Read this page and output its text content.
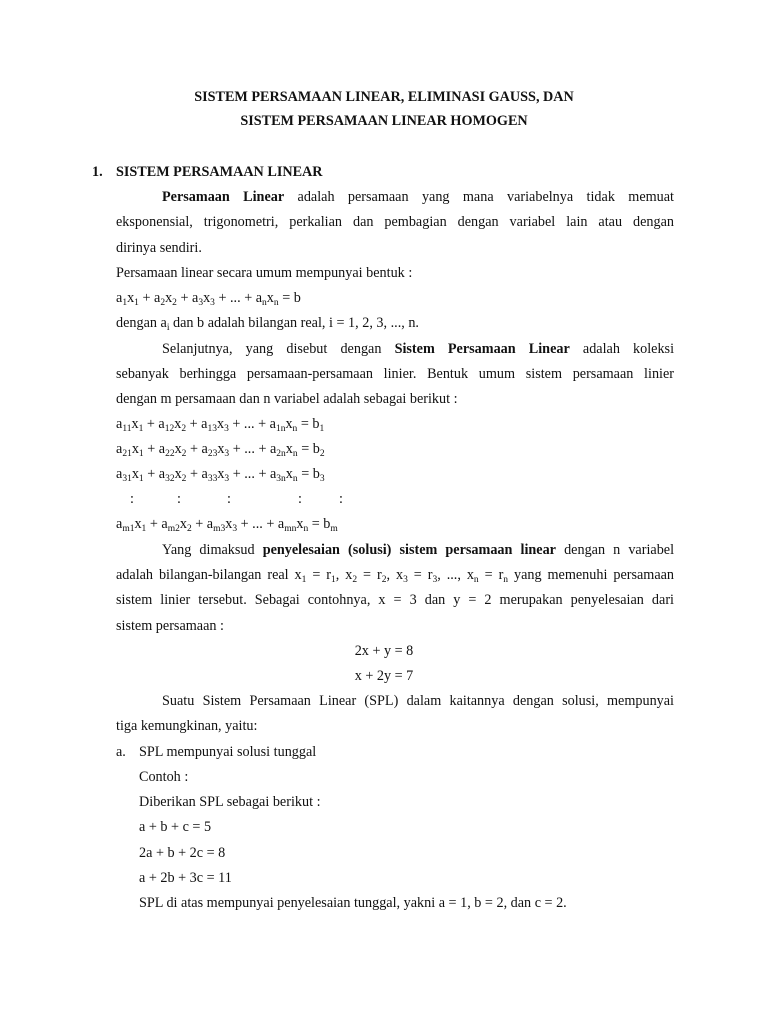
SISTEM PERSAMAAN LINEAR, ELIMINASI GAUSS, DAN
SISTEM PERSAMAAN LINEAR HOMOGEN
1. SISTEM PERSAMAAN LINEAR
Persamaan Linear adalah persamaan yang mana variabelnya tidak memuat
eksponensial, trigonometri, perkalian dan pembagian dengan variabel lain atau dengan
dirinya sendiri.
Persamaan linear secara umum mempunyai bentuk :
$a_1x_1 + a_2x_2 + a_3x_3$ + ... + $a_nx_n = b$
dengan $a_i$ dan b adalah bilangan real, i = 1, 2, 3, ..., n.
Selanjutnya, yang disebut dengan Sistem Persamaan Linear adalah koleksi
sebanyak berhingga persamaan-persamaan linier. Bentuk umum sistem persamaan linier
dengan m persamaan dan n variabel adalah sebagai berikut :
$a_{11}x_1 + a_{12}x_2 + a_{13}x_3$ + ... + $a_{1n}x_n = b_1$
$a_{21}x_1 + a_{22}x_2 + a_{23}x_3$ + ... + $a_{2n}x_n = b_2$
$a_{31}x_1 + a_{32}x_2 + a_{33}x_3$ + ... + $a_{3n}x_n = b_3$
:	:	:	:	:
$a_{m1}x_1 + a_{m2}x_2 + a_{m3}x_3$ + ... + $a_{mn}x_n = b_m$
Yang dimaksud penyelesaian (solusi) sistem persamaan linear dengan n variabel
adalah bilangan-bilangan real $x_1 = r_1$, $x_2 = r_2$, $x_3 = r_3$, ..., $x_n = r_n$ yang memenuhi persamaan
sistem linier tersebut. Sebagai contohnya, x = 3 dan y = 2 merupakan penyelesaian dari
sistem persamaan :
2x + y = 8
x + 2y = 7
Suatu Sistem Persamaan Linear (SPL) dalam kaitannya dengan solusi, mempunyai
tiga kemungkinan, yaitu:
a. SPL mempunyai solusi tunggal
Contoh :
Diberikan SPL sebagai berikut :
a + b + c = 5
2a + b + 2c = 8
a + 2b + 3c = 11
SPL di atas mempunyai penyelesaian tunggal, yakni a = 1, b = 2, dan c = 2.
